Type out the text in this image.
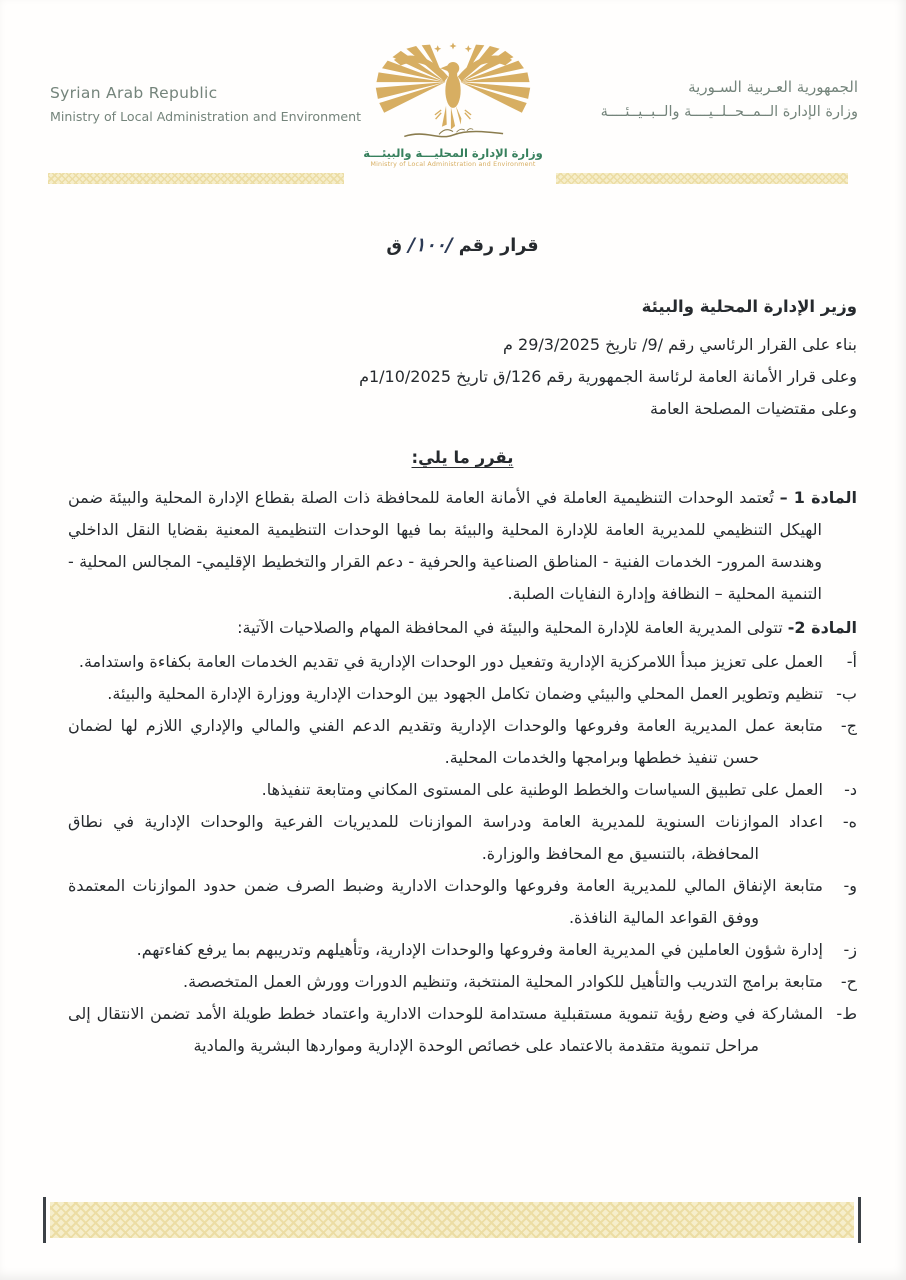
Syrian Arab Republic
Ministry of Local Administration and Environment
وزارة الإدارة المحليـــة والبيئـــة
Ministry of Local Administration and Environment
الجمهورية العـربية السـورية
وزارة الإدارة الــمــحــلــيــــة والــبــيــئــــة

قرار رقم /١٠٠/ ق

وزير الإدارة المحلية والبيئة

بناء على القرار الرئاسي رقم /9/ تاريخ 29/3/2025 م

وعلى قرار الأمانة العامة لرئاسة الجمهورية رقم 126/ق تاريخ 1/10/2025م

وعلى مقتضيات المصلحة العامة

يقرر ما يلي:

المادة 1 – تُعتمد الوحدات التنظيمية العاملة في الأمانة العامة للمحافظة ذات الصلة بقطاع الإدارة المحلية والبيئة ضمن الهيكل التنظيمي للمديرية العامة للإدارة المحلية والبيئة بما فيها الوحدات التنظيمية المعنية بقضايا النقل الداخلي وهندسة المرور- الخدمات الفنية - المناطق الصناعية والحرفية - دعم القرار والتخطيط الإقليمي- المجالس المحلية - التنمية المحلية – النظافة وإدارة النفايات الصلبة.

المادة 2- تتولى المديرية العامة للإدارة المحلية والبيئة في المحافظة المهام والصلاحيات الآتية:

أ-
العمل على تعزيز مبدأ اللامركزية الإدارية وتفعيل دور الوحدات الإدارية في تقديم الخدمات العامة بكفاءة واستدامة.
ب-
تنظيم وتطوير العمل المحلي والبيئي وضمان تكامل الجهود بين الوحدات الإدارية ووزارة الإدارة المحلية والبيئة.
ج-
متابعة عمل المديرية العامة وفروعها والوحدات الإدارية وتقديم الدعم الفني والمالي والإداري اللازم لها لضمان حسن تنفيذ خططها وبرامجها والخدمات المحلية.
د-
العمل على تطبيق السياسات والخطط الوطنية على المستوى المكاني ومتابعة تنفيذها.
ه-
اعداد الموازنات السنوية للمديرية العامة ودراسة الموازنات للمديريات الفرعية والوحدات الإدارية في نطاق المحافظة، بالتنسيق مع المحافظ والوزارة.
و-
متابعة الإنفاق المالي للمديرية العامة وفروعها والوحدات الادارية وضبط الصرف ضمن حدود الموازنات المعتمدة ووفق القواعد المالية النافذة.
ز-
إدارة شؤون العاملين في المديرية العامة وفروعها والوحدات الإدارية، وتأهيلهم وتدريبهم بما يرفع كفاءتهم.
ح-
متابعة برامج التدريب والتأهيل للكوادر المحلية المنتخبة، وتنظيم الدورات وورش العمل المتخصصة.
ط-
المشاركة في وضع رؤية تنموية مستقبلية مستدامة للوحدات الادارية واعتماد خطط طويلة الأمد تضمن الانتقال إلى مراحل تنموية متقدمة بالاعتماد على خصائص الوحدة الإدارية ومواردها البشرية والمادية
